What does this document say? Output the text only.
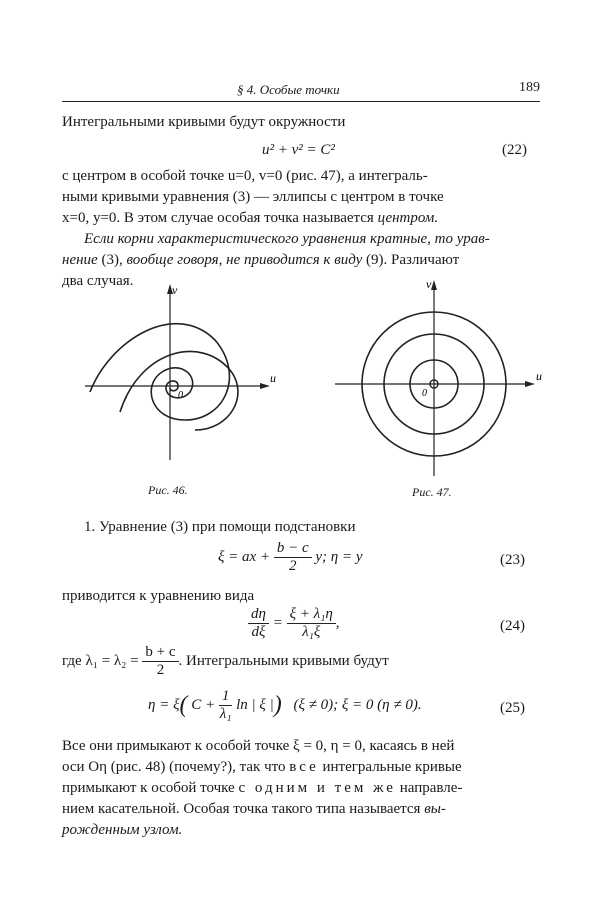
§ 4. Особые точки	189
Интегральными кривыми будут окружности
u² + v² = C²	(22)
с центром в особой точке u=0, v=0 (рис. 47), а интеграль-
ными кривыми уравнения (3) — эллипсы с центром в точке
x=0, y=0. В этом случае особая точка называется центром.
Если корни характеристического уравнения кратные, то урав-
нение (3), вообще говоря, не приводится к виду (9). Различают
два случая.
v
u
0
Рис. 46.
v
u
0
Рис. 47.
1. Уравнение (3) при помощи подстановки
ξ = ax + $\frac{b - c}{2} y$; η = y	(23)
приводится к уравнению вида
$\frac{d\eta}{d\xi} = \frac{\text{ξ + λ₁η}}{\text{λ₁ξ}}$ ,	(24)
где $\lambda_1 = \lambda_2 = \frac{b + c}{2}$ . Интегральными кривыми будут
η = ξ( $C + \frac{1}{\text{λ₁}}$ ln | ξ |) (ξ ≠ 0); ξ = 0 (η ≠ 0).	(25)
Все они примыкают к особой точке ξ = 0, η = 0, касаясь в ней
оси Oη (рис. 48) (почему?), так что все интегральные кривые
примыкают к особой точке с одним и тем же направле-
нием касательной. Особая точка такого типа называется вы-
рожденным узлом.
